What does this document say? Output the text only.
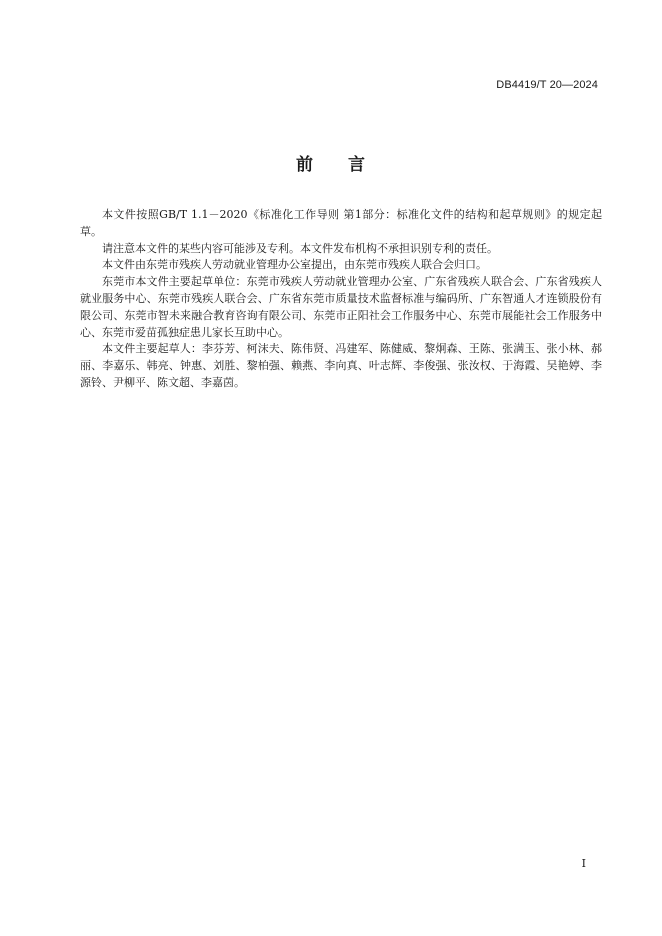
DB4419/T 20—2024
前 言

本文件按照GB/T 1.1－2020《标准化工作导则 第1部分：标准化文件的结构和起草规则》的规定起草。

请注意本文件的某些内容可能涉及专利。本文件发布机构不承担识别专利的责任。

本文件由东莞市残疾人劳动就业管理办公室提出，由东莞市残疾人联合会归口。

东莞市本文件主要起草单位：东莞市残疾人劳动就业管理办公室、广东省残疾人联合会、广东省残疾人就业服务中心、东莞市残疾人联合会、广东省东莞市质量技术监督标准与编码所、广东智通人才连锁股份有限公司、东莞市智未来融合教育咨询有限公司、东莞市正阳社会工作服务中心、东莞市展能社会工作服务中心、东莞市爱苗孤独症患儿家长互助中心。

本文件主要起草人：李芬芳、柯沫夫、陈伟贤、冯建军、陈健威、黎炯森、王陈、张满玉、张小林、郝丽、李嘉乐、韩亮、钟惠、刘胜、黎柏强、赖燕、李向真、叶志辉、李俊强、张汝权、于海霞、吴艳婷、李源铃、尹柳平、陈文超、李嘉茵。

I
